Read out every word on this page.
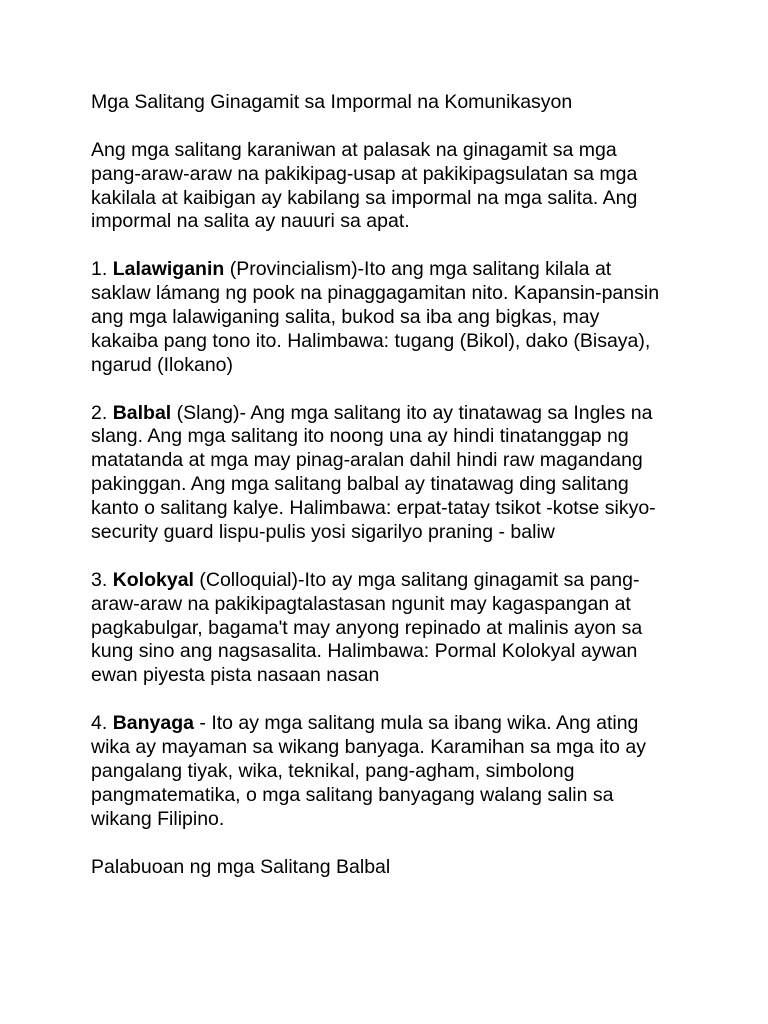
Mga Salitang Ginagamit sa Impormal na Komunikasyon
Ang mga salitang karaniwan at palasak na ginagamit sa mga
pang-araw-araw na pakikipag-usap at pakikipagsulatan sa mga
kakilala at kaibigan ay kabilang sa impormal na mga salita. Ang
impormal na salita ay nauuri sa apat.
1. Lalawiganin (Provincialism)-Ito ang mga salitang kilala at
saklaw lámang ng pook na pinaggagamitan nito. Kapansin-pansin
ang mga lalawiganing salita, bukod sa iba ang bigkas, may
kakaiba pang tono ito. Halimbawa: tugang (Bikol), dako (Bisaya),
ngarud (Ilokano)
2. Balbal (Slang)- Ang mga salitang ito ay tinatawag sa Ingles na
slang. Ang mga salitang ito noong una ay hindi tinatanggap ng
matatanda at mga may pinag-aralan dahil hindi raw magandang
pakinggan. Ang mga salitang balbal ay tinatawag ding salitang
kanto o salitang kalye. Halimbawa: erpat-tatay tsikot -kotse sikyo-
security guard lispu-pulis yosi sigarilyo praning - baliw
3. Kolokyal (Colloquial)-Ito ay mga salitang ginagamit sa pang-
araw-araw na pakikipagtalastasan ngunit may kagaspangan at
pagkabulgar, bagama't may anyong repinado at malinis ayon sa
kung sino ang nagsasalita. Halimbawa: Pormal Kolokyal aywan
ewan piyesta pista nasaan nasan
4. Banyaga - Ito ay mga salitang mula sa ibang wika. Ang ating
wika ay mayaman sa wikang banyaga. Karamihan sa mga ito ay
pangalang tiyak, wika, teknikal, pang-agham, simbolong
pangmatematika, o mga salitang banyagang walang salin sa
wikang Filipino.
Palabuoan ng mga Salitang Balbal
